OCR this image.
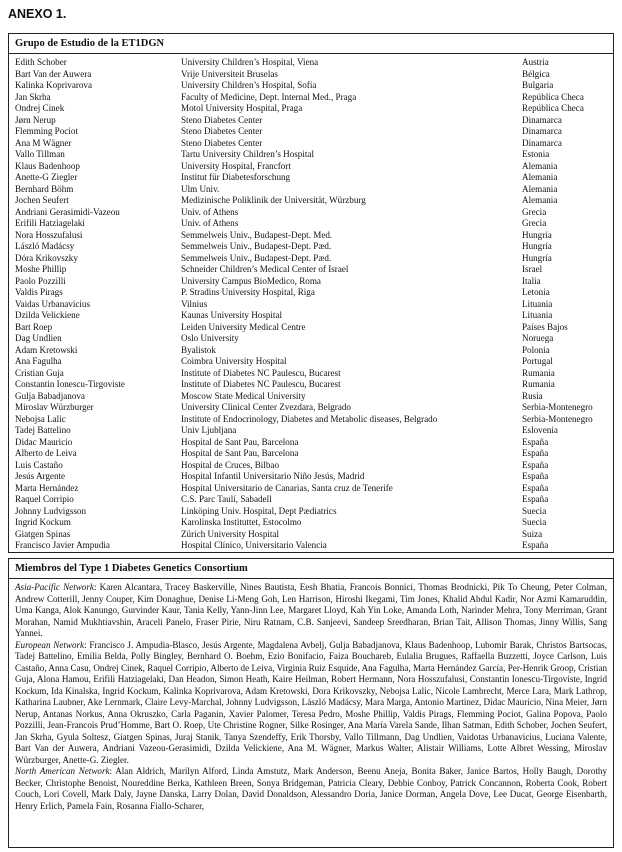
ANEXO 1.
Grupo de Estudio de la ET1DGN
Edith Schober	University Children’s Hospital, Viena	Austria
Bart Van der Auwera	Vrije Universiteit Bruselas	Bélgica
Kalinka Koprivarova	University Children’s Hospital, Sofía	Bulgaria
Jan Skrha	Faculty of Medicine, Dept. Internal Med., Praga	República Checa
Ondrej Cinek	Motol University Hospital, Praga	República Checa
Jørn Nerup	Steno Diabetes Center	Dinamarca
Flemming Pociot	Steno Diabetes Center	Dinamarca
Ana M Wägner	Steno Diabetes Center	Dinamarca
Vallo Tillman	Tartu University Children’s Hospital	Estonia
Klaus Badenhoop	University Hospital, Francfort	Alemania
Anette-G Ziegler	Institut für Diabetesforschung	Alemania
Bernhard Böhm	Ulm Univ.	Alemania
Jochen Seufert	Medizinische Poliklinik der Universität, Würzburg	Alemania
Andriani Gerasimidi-Vazeou	Univ. of Athens	Grecia
Erifili Hatziagelaki	Univ. of Athens	Grecia
Nora Hosszufalusi	Semmelweis Univ., Budapest-Dept. Med.	Hungría
László Madácsy	Semmelweis Univ., Budapest-Dept. Pæd.	Hungría
Dóra Krikovszky	Semmelweis Univ., Budapest-Dept. Pæd.	Hungría
Moshe Phillip	Schneider Children’s Medical Center of Israel	Israel
Paolo Pozzilli	University Campus BioMedico, Roma	Italia
Valdis Pirags	P. Stradins University Hospital, Riga	Letonia
Vaidas Urbanavicius	Vilnius	Lituania
Dzilda Velickiene	Kaunas University Hospital	Lituania
Bart Roep	Leiden University Medical Centre	Países Bajos
Dag Undlien	Oslo University	Noruega
Adam Kretowski	Byalistok	Polonia
Ana Fagulha	Coimbra University Hospital	Portugal
Cristian Guja	Institute of Diabetes NC Paulescu, Bucarest	Rumania
Constantin Ionescu-Tirgoviste	Institute of Diabetes NC Paulescu, Bucarest	Rumania
Gulja Babadjanova	Moscow State Medical University	Rusia
Miroslav Würzburger	University Clinical Center Zvezdara, Belgrado	Serbia-Montenegro
Nebojsa Lalic	Institute of Endocrinology, Diabetes and Metabolic diseases, Belgrado	Serbia-Montenegro
Tadej Battelino	Univ Ljubljana	Eslovenia
Didac Mauricio	Hospital de Sant Pau, Barcelona	España
Alberto de Leiva	Hospital de Sant Pau, Barcelona	España
Luis Castaño	Hospital de Cruces, Bilbao	España
Jesús Argente	Hospital Infantil Universitario Niño Jesús, Madrid	España
Marta Hernández	Hospital Universitario de Canarias, Santa cruz de Tenerife	España
Raquel Corripio	C.S. Parc Taulí, Sabadell	España
Johnny Ludvigsson	Linköping Univ. Hospital, Dept Pædiatrics	Suecia
Ingrid Kockum	Karolinska Instituttet, Estocolmo	Suecia
Giatgen Spinas	Zürich University Hospital	Suiza
Francisco Javier Ampudia	Hospital Clínico, Universitario Valencia	España
Miembros del Type 1 Diabetes Genetics Consortium

Asia-Pacific Network: Karen Alcantara, Tracey Baskerville, Nines Bautista, Eesh Bhatia, Francois Bonnici, Thomas Brodnicki, Pik To Cheung, Peter Colman, Andrew Cotterill, Jenny Couper, Kim Donaghue, Denise Li-Meng Goh, Len Harrison, Hiroshi Ikegami, Tim Jones, Khalid Abdul Kadir, Nor Azmi Kamaruddin, Uma Kanga, Alok Kanungo, Gurvinder Kaur, Tania Kelly, Yann-Jinn Lee, Margaret Lloyd, Kah Yin Loke, Amanda Loth, Narinder Mehra, Tony Merriman, Grant Morahan, Namid Mukhtiavshin, Araceli Panelo, Fraser Pirie, Niru Ratnam, C.B. Sanjeevi, Sandeep Sreedharan, Brian Tait, Allison Thomas, Jinny Willis, Sang Yannei.

European Network: Francisco J. Ampudia-Blasco, Jesús Argente, Magdalena Avbelj, Gulja Babadjanova, Klaus Badenhoop, Lubomir Barak, Christos Bartsocas, Tadej Battelino, Emilia Belda, Polly Bingley, Bernhard O. Boehm, Ezio Bonifacio, Faiza Bouchareb, Eulalia Brugues, Raffaella Buzzetti, Joyce Carlson, Luis Castaño, Anna Casu, Ondrej Cinek, Raquel Corripio, Alberto de Leiva, Virginia Ruiz Esquide, Ana Fagulha, Marta Hernández García, Per-Henrik Groop, Cristian Guja, Alona Hamou, Erifili Hatziagelaki, Dan Headon, Simon Heath, Kaire Heilman, Robert Hermann, Nora Hosszufalusi, Constantin Ionescu-Tirgoviste, Ingrid Kockum, Ida Kinalska, Ingrid Kockum, Kalinka Koprivarova, Adam Kretowski, Dora Krikovszky, Nebojsa Lalic, Nicole Lambrecht, Merce Lara, Mark Lathrop, Katharina Laubner, Ake Lernmark, Claire Levy-Marchal, Johnny Ludvigsson, László Madácsy, Mara Marga, Antonio Martinez, Didac Mauricio, Nina Meier, Jørn Nerup, Antanas Norkus, Anna Okruszko, Carla Paganin, Xavier Palomer, Teresa Pedro, Moshe Phillip, Valdis Pirags, Flemming Pociot, Galina Popova, Paolo Pozzilli, Jean-Francois Prud’Homme, Bart O. Roep, Ute Christine Rogner, Silke Rosinger, Ana María Varela Sande, Ilhan Satman, Edith Schober, Jochen Seufert, Jan Skrha, Gyula Soltesz, Giatgen Spinas, Juraj Stanik, Tanya Szendeffy, Erik Thorsby, Vallo Tillmann, Dag Undlien, Vaidotas Urbanavicius, Luciana Valente, Bart Van der Auwera, Andriani Vazeou-Gerasimidi, Dzilda Velickiene, Ana M. Wägner, Markus Walter, Alistair Williams, Lotte Albret Wessing, Miroslav Würzburger, Anette-G. Ziegler.

North American Network: Alan Aldrich, Marilyn Alford, Linda Amstutz, Mark Anderson, Beenu Aneja, Bonita Baker, Janice Bartos, Holly Baugh, Dorothy Becker, Christophe Benoist, Noureddine Berka, Kathleen Breen, Sonya Bridgeman, Patricia Cleary, Debbie Conboy, Patrick Concannon, Roberta Cook, Robert Couch, Lori Covell, Mark Daly, Jayne Danska, Larry Dolan, David Donaldson, Alessandro Doria, Janice Dorman, Angela Dove, Lee Ducat, George Eisenbarth, Henry Erlich, Pamela Fain, Rosanna Fiallo-Scharer,
